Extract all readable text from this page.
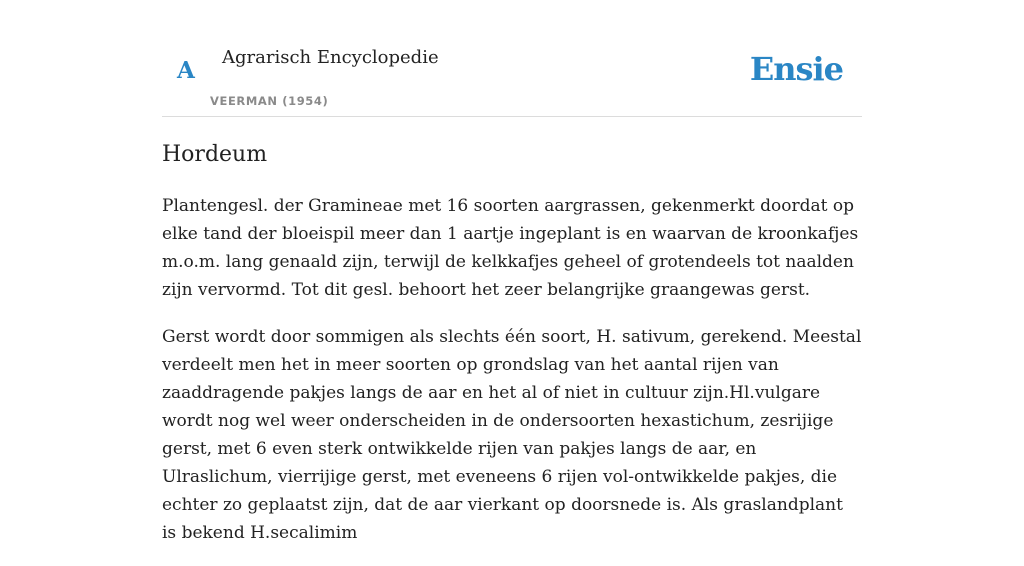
A Agrarisch Encyclopedie
VEERMAN (1954)
Ensie
Hordeum

Plantengesl. der Gramineae met 16 soorten aargrassen, gekenmerkt doordat op elke tand der bloeispil meer dan 1 aartje ingeplant is en waarvan de kroonkafjes m.o.m. lang genaald zijn, terwijl de kelkkafjes geheel of grotendeels tot naalden zijn vervormd. Tot dit gesl. behoort het zeer belangrijke graangewas gerst.

Gerst wordt door sommigen als slechts één soort, H. sativum, gerekend. Meestal verdeelt men het in meer soorten op grondslag van het aantal rijen van zaaddragende pakjes langs de aar en het al of niet in cultuur zijn.Hl.vulgare wordt nog wel weer onderscheiden in de ondersoorten hexastichum, zesrijige gerst, met 6 even sterk ontwikkelde rijen van pakjes langs de aar, en Ulraslichum, vierrijige gerst, met eveneens 6 rijen vol-ontwikkelde pakjes, die echter zo geplaatst zijn, dat de aar vierkant op doorsnede is. Als graslandplant is bekend H.secalimim
